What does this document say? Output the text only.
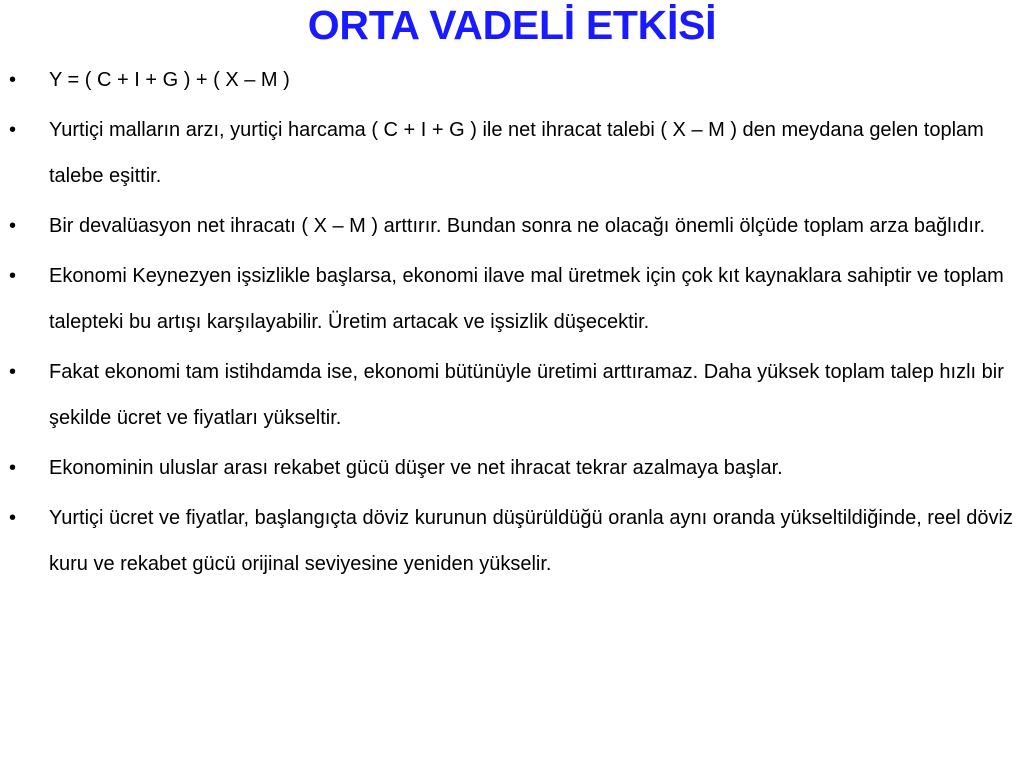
ORTA VADELİ ETKİSİ
• Y = ( C + I + G ) + ( X – M )
• Yurtiçi malların arzı, yurtiçi harcama ( C + I + G ) ile net ihracat talebi ( X – M ) den meydana gelen toplam talebe eşittir.
• Bir devalüasyon net ihracatı ( X – M ) arttırır. Bundan sonra ne olacağı önemli ölçüde toplam arza bağlıdır.
• Ekonomi Keynezyen işsizlikle başlarsa, ekonomi ilave mal üretmek için çok kıt kaynaklara sahiptir ve toplam talepteki bu artışı karşılayabilir. Üretim artacak ve işsizlik düşecektir.
• Fakat ekonomi tam istihdamda ise, ekonomi bütünüyle üretimi arttıramaz. Daha yüksek toplam talep hızlı bir şekilde ücret ve fiyatları yükseltir.
• Ekonominin uluslar arası rekabet gücü düşer ve net ihracat tekrar azalmaya başlar.
• Yurtiçi ücret ve fiyatlar, başlangıçta döviz kurunun düşürüldüğü oranla aynı oranda yükseltildiğinde, reel döviz kuru ve rekabet gücü orijinal seviyesine yeniden yükselir.
